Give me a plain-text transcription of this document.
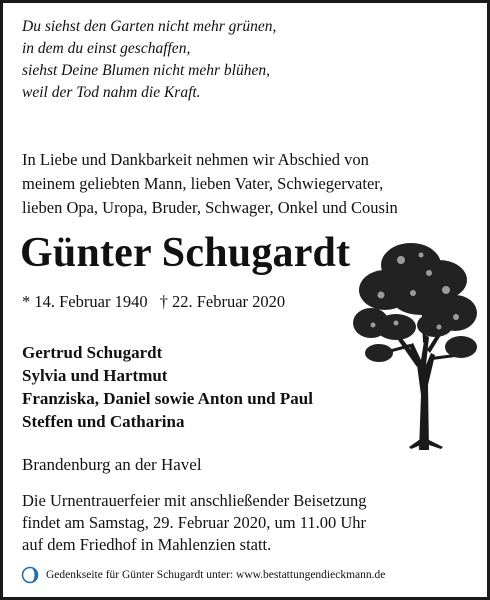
Du siehst den Garten nicht mehr grünen,
in dem du einst geschaffen,
siehst Deine Blumen nicht mehr blühen,
weil der Tod nahm die Kraft.
In Liebe und Dankbarkeit nehmen wir Abschied von
meinem geliebten Mann, lieben Vater, Schwiegervater,
lieben Opa, Uropa, Bruder, Schwager, Onkel und Cousin
Günter Schugardt
* 14. Februar 1940 † 22. Februar 2020
Gertrud Schugardt
Sylvia und Hartmut
Franziska, Daniel sowie Anton und Paul
Steffen und Catharina
Brandenburg an der Havel
Die Urnentrauerfeier mit anschließender Beisetzung
findet am Samstag, 29. Februar 2020, um 11.00 Uhr
auf dem Friedhof in Mahlenzien statt.
Gedenkseite für Günter Schugardt unter: www.bestattungendieckmann.de
